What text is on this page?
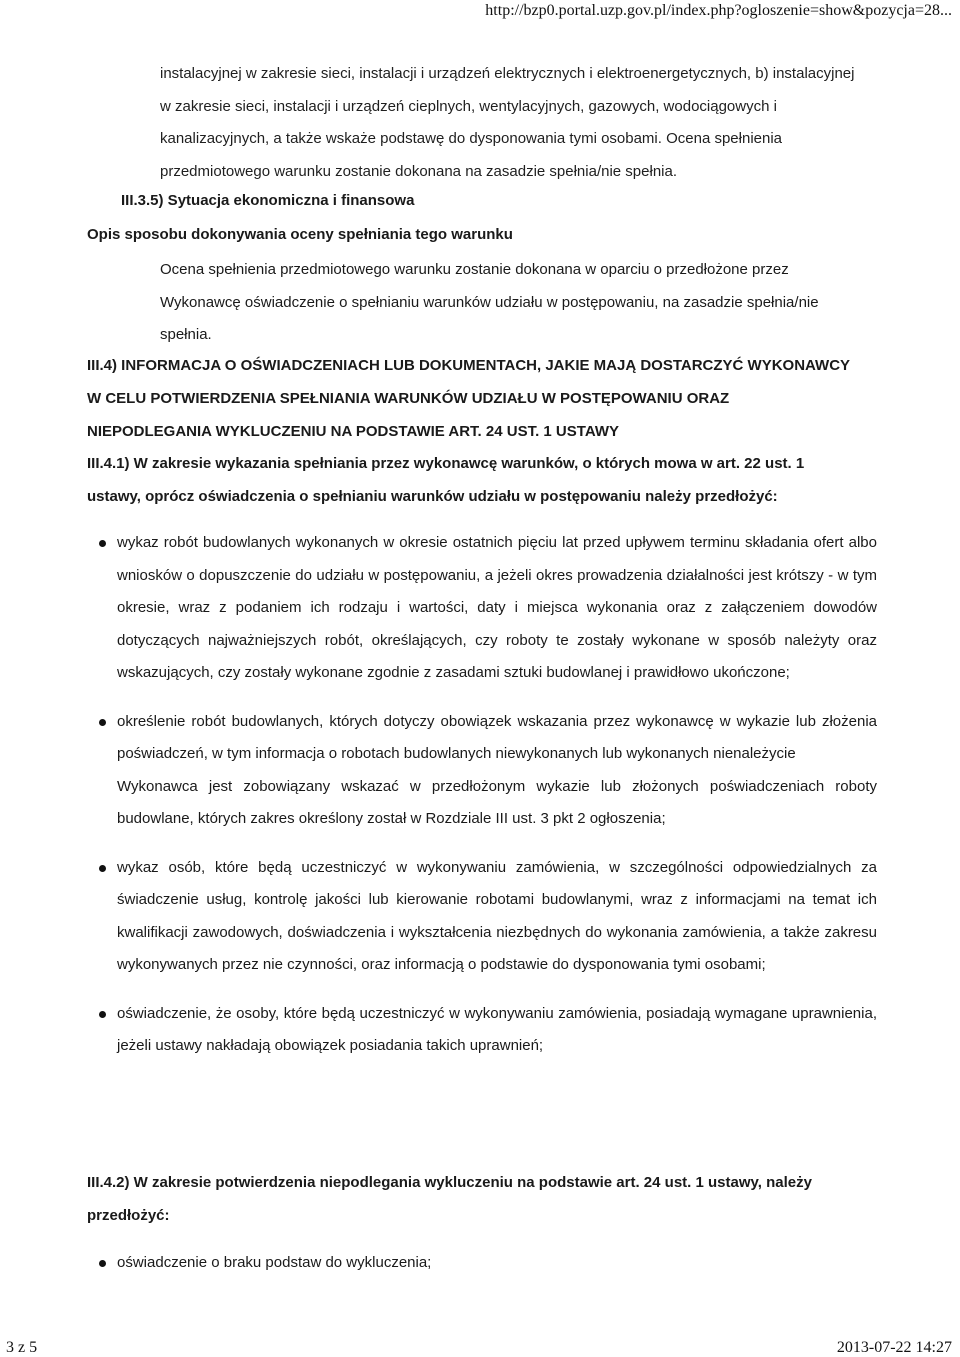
http://bzp0.portal.uzp.gov.pl/index.php?ogloszenie=show&pozycja=28...
instalacyjnej w zakresie sieci, instalacji i urządzeń elektrycznych i elektroenergetycznych, b) instalacyjnej
w zakresie sieci, instalacji i urządzeń cieplnych, wentylacyjnych, gazowych, wodociągowych i
kanalizacyjnych, a także wskaże podstawę do dysponowania tymi osobami. Ocena spełnienia
przedmiotowego warunku zostanie dokonana na zasadzie spełnia/nie spełnia.
III.3.5) Sytuacja ekonomiczna i finansowa
Opis sposobu dokonywania oceny spełniania tego warunku
Ocena spełnienia przedmiotowego warunku zostanie dokonana w oparciu o przedłożone przez
Wykonawcę oświadczenie o spełnianiu warunków udziału w postępowaniu, na zasadzie spełnia/nie
spełnia.
III.4) INFORMACJA O OŚWIADCZENIACH LUB DOKUMENTACH, JAKIE MAJĄ DOSTARCZYĆ WYKONAWCY
W CELU POTWIERDZENIA SPEŁNIANIA WARUNKÓW UDZIAŁU W POSTĘPOWANIU ORAZ
NIEPODLEGANIA WYKLUCZENIU NA PODSTAWIE ART. 24 UST. 1 USTAWY
III.4.1) W zakresie wykazania spełniania przez wykonawcę warunków, o których mowa w art. 22 ust. 1
ustawy, oprócz oświadczenia o spełnianiu warunków udziału w postępowaniu należy przedłożyć:
wykaz robót budowlanych wykonanych w okresie ostatnich pięciu lat przed upływem terminu składania ofert albo wniosków o dopuszczenie do udziału w postępowaniu, a jeżeli okres prowadzenia działalności jest krótszy - w tym okresie, wraz z podaniem ich rodzaju i wartości, daty i miejsca wykonania oraz z załączeniem dowodów dotyczących najważniejszych robót, określających, czy roboty te zostały wykonane w sposób należyty oraz wskazujących, czy zostały wykonane zgodnie z zasadami sztuki budowlanej i prawidłowo ukończone;
określenie robót budowlanych, których dotyczy obowiązek wskazania przez wykonawcę w wykazie lub złożenia poświadczeń, w tym informacja o robotach budowlanych niewykonanych lub wykonanych nienależycie
Wykonawca jest zobowiązany wskazać w przedłożonym wykazie lub złożonych poświadczeniach roboty budowlane, których zakres określony został w Rozdziale III ust. 3 pkt 2 ogłoszenia;
wykaz osób, które będą uczestniczyć w wykonywaniu zamówienia, w szczególności odpowiedzialnych za świadczenie usług, kontrolę jakości lub kierowanie robotami budowlanymi, wraz z informacjami na temat ich kwalifikacji zawodowych, doświadczenia i wykształcenia niezbędnych do wykonania zamówienia, a także zakresu wykonywanych przez nie czynności, oraz informacją o podstawie do dysponowania tymi osobami;
oświadczenie, że osoby, które będą uczestniczyć w wykonywaniu zamówienia, posiadają wymagane uprawnienia, jeżeli ustawy nakładają obowiązek posiadania takich uprawnień;
III.4.2) W zakresie potwierdzenia niepodlegania wykluczeniu na podstawie art. 24 ust. 1 ustawy, należy
przedłożyć:
oświadczenie o braku podstaw do wykluczenia;
3 z 5	2013-07-22 14:27
